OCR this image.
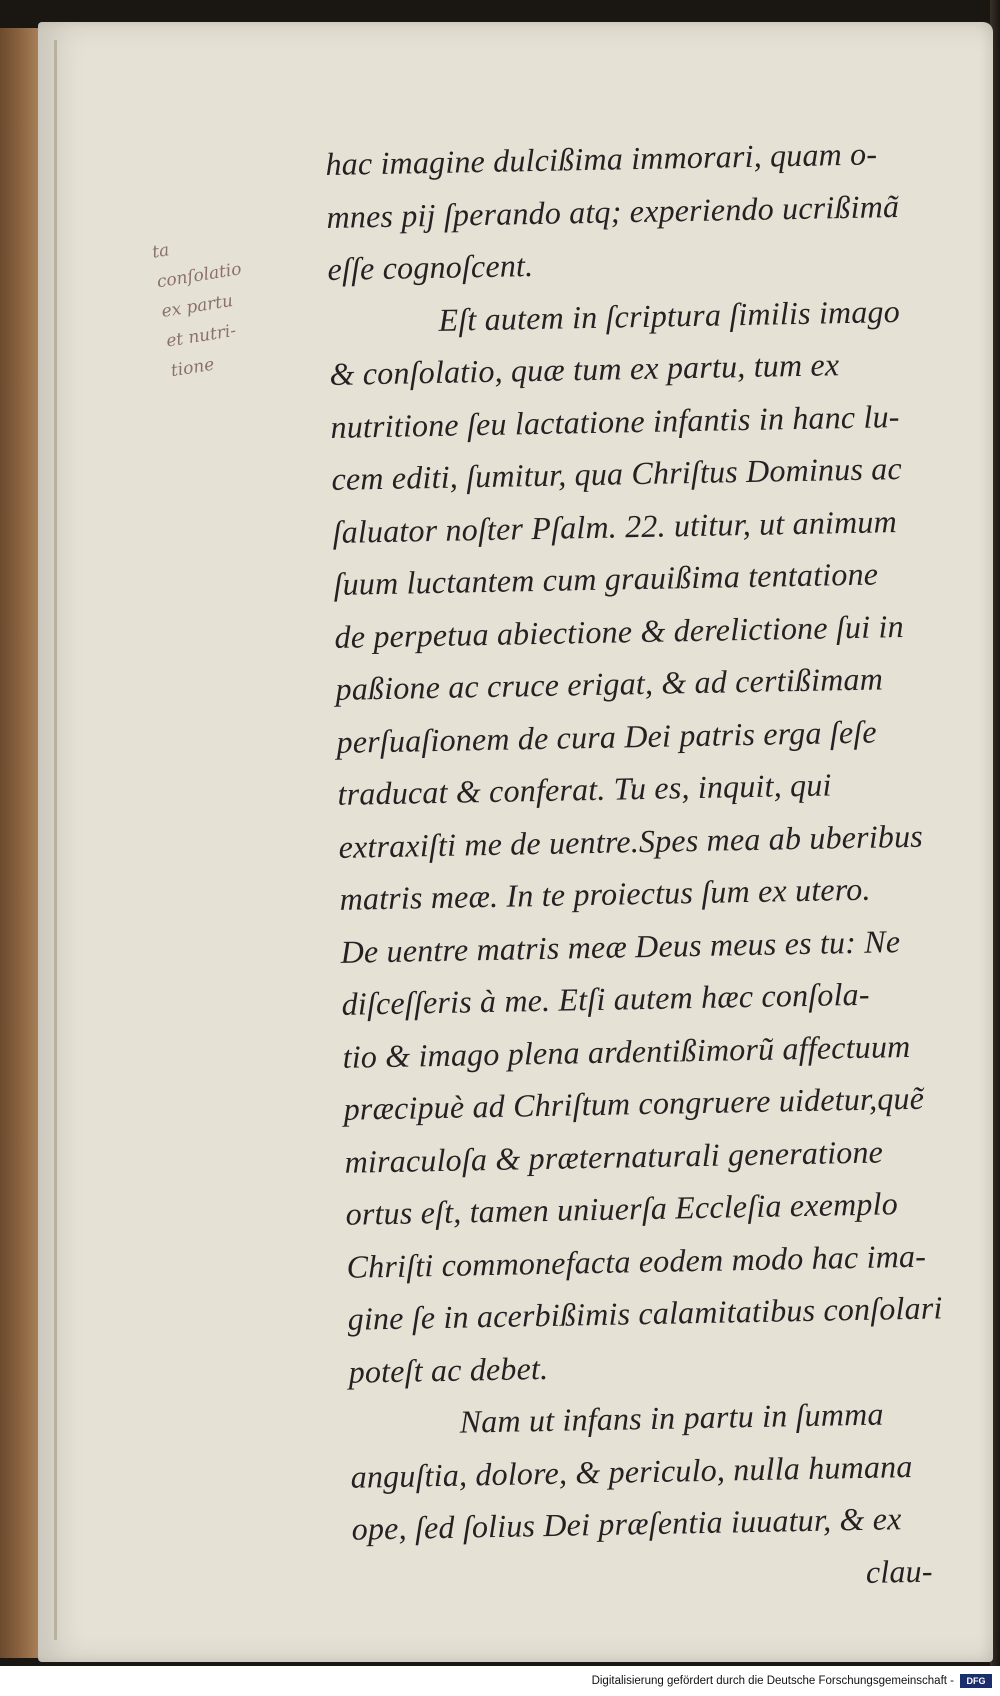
ta
conſolatio
ex partu
et nutri-
tione
hac imagine dulcißima immorari, quam o-
mnes pij ſperando atq; experiendo ucrißimã
eſſe cognoſcent.
Eſt autem in ſcriptura ſimilis imago
& conſolatio, quæ tum ex partu, tum ex
nutritione ſeu lactatione infantis in hanc lu-
cem editi, ſumitur, qua Chriſtus Dominus ac
ſaluator noſter Pſalm. 22. utitur, ut animum
ſuum luctantem cum grauißima tentatione
de perpetua abiectione & derelictione ſui in
paßione ac cruce erigat, & ad certißimam
perſuaſionem de cura Dei patris erga ſeſe
traducat & conferat. Tu es, inquit, qui
extraxiſti me de uentre.Spes mea ab uberibus
matris meæ. In te proiectus ſum ex utero.
De uentre matris meæ Deus meus es tu: Ne
diſceſſeris à me. Etſi autem hæc conſola-
tio & imago plena ardentißimorũ affectuum
præcipuè ad Chriſtum congruere uidetur,quẽ
miraculoſa & præternaturali generatione
ortus eſt, tamen uniuerſa Eccleſia exemplo
Chriſti commonefacta eodem modo hac ima-
gine ſe in acerbißimis calamitatibus conſolari
poteſt ac debet.
Nam ut infans in partu in ſumma
anguſtia, dolore, & periculo, nulla humana
ope, ſed ſolius Dei præſentia iuuatur, & ex
clau-
Digitalisierung gefördert durch die Deutsche Forschungsgemeinschaft -	DFG
